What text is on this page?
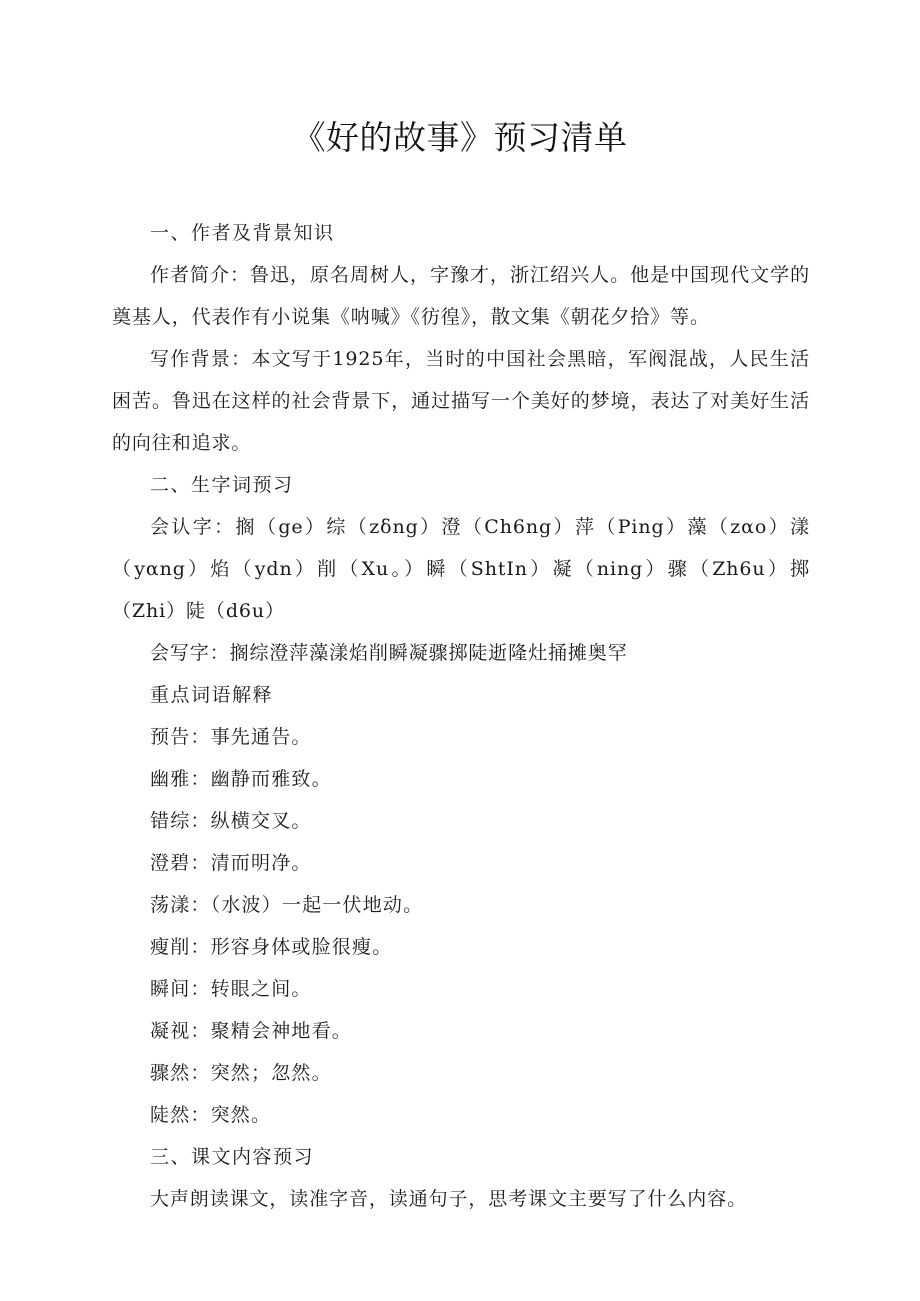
《好的故事》预习清单

一、作者及背景知识

作者简介：鲁迅，原名周树人，字豫才，浙江绍兴人。他是中国现代文学的奠基人，代表作有小说集《呐喊》《彷徨》，散文集《朝花夕拾》等。

写作背景：本文写于1925年，当时的中国社会黑暗，军阀混战，人民生活困苦。鲁迅在这样的社会背景下，通过描写一个美好的梦境，表达了对美好生活的向往和追求。

二、生字词预习

会认字：搁（ge）综（zδng）澄（Ch6ng）萍（Ping）藻（zαo）漾（yαng）焰（ydn）削（Xu。）瞬（ShtIn）凝（ning）骤（Zh6u）掷（Zhi）陡（d6u）

会写字：搁综澄萍藻漾焰削瞬凝骤掷陡逝隆灶捅摊奥罕

重点词语解释

预告：事先通告。

幽雅：幽静而雅致。

错综：纵横交叉。

澄碧：清而明净。

荡漾：（水波）一起一伏地动。

瘦削：形容身体或脸很瘦。

瞬间：转眼之间。

凝视：聚精会神地看。

骤然：突然；忽然。

陡然：突然。

三、课文内容预习

大声朗读课文，读准字音，读通句子，思考课文主要写了什么内容。
